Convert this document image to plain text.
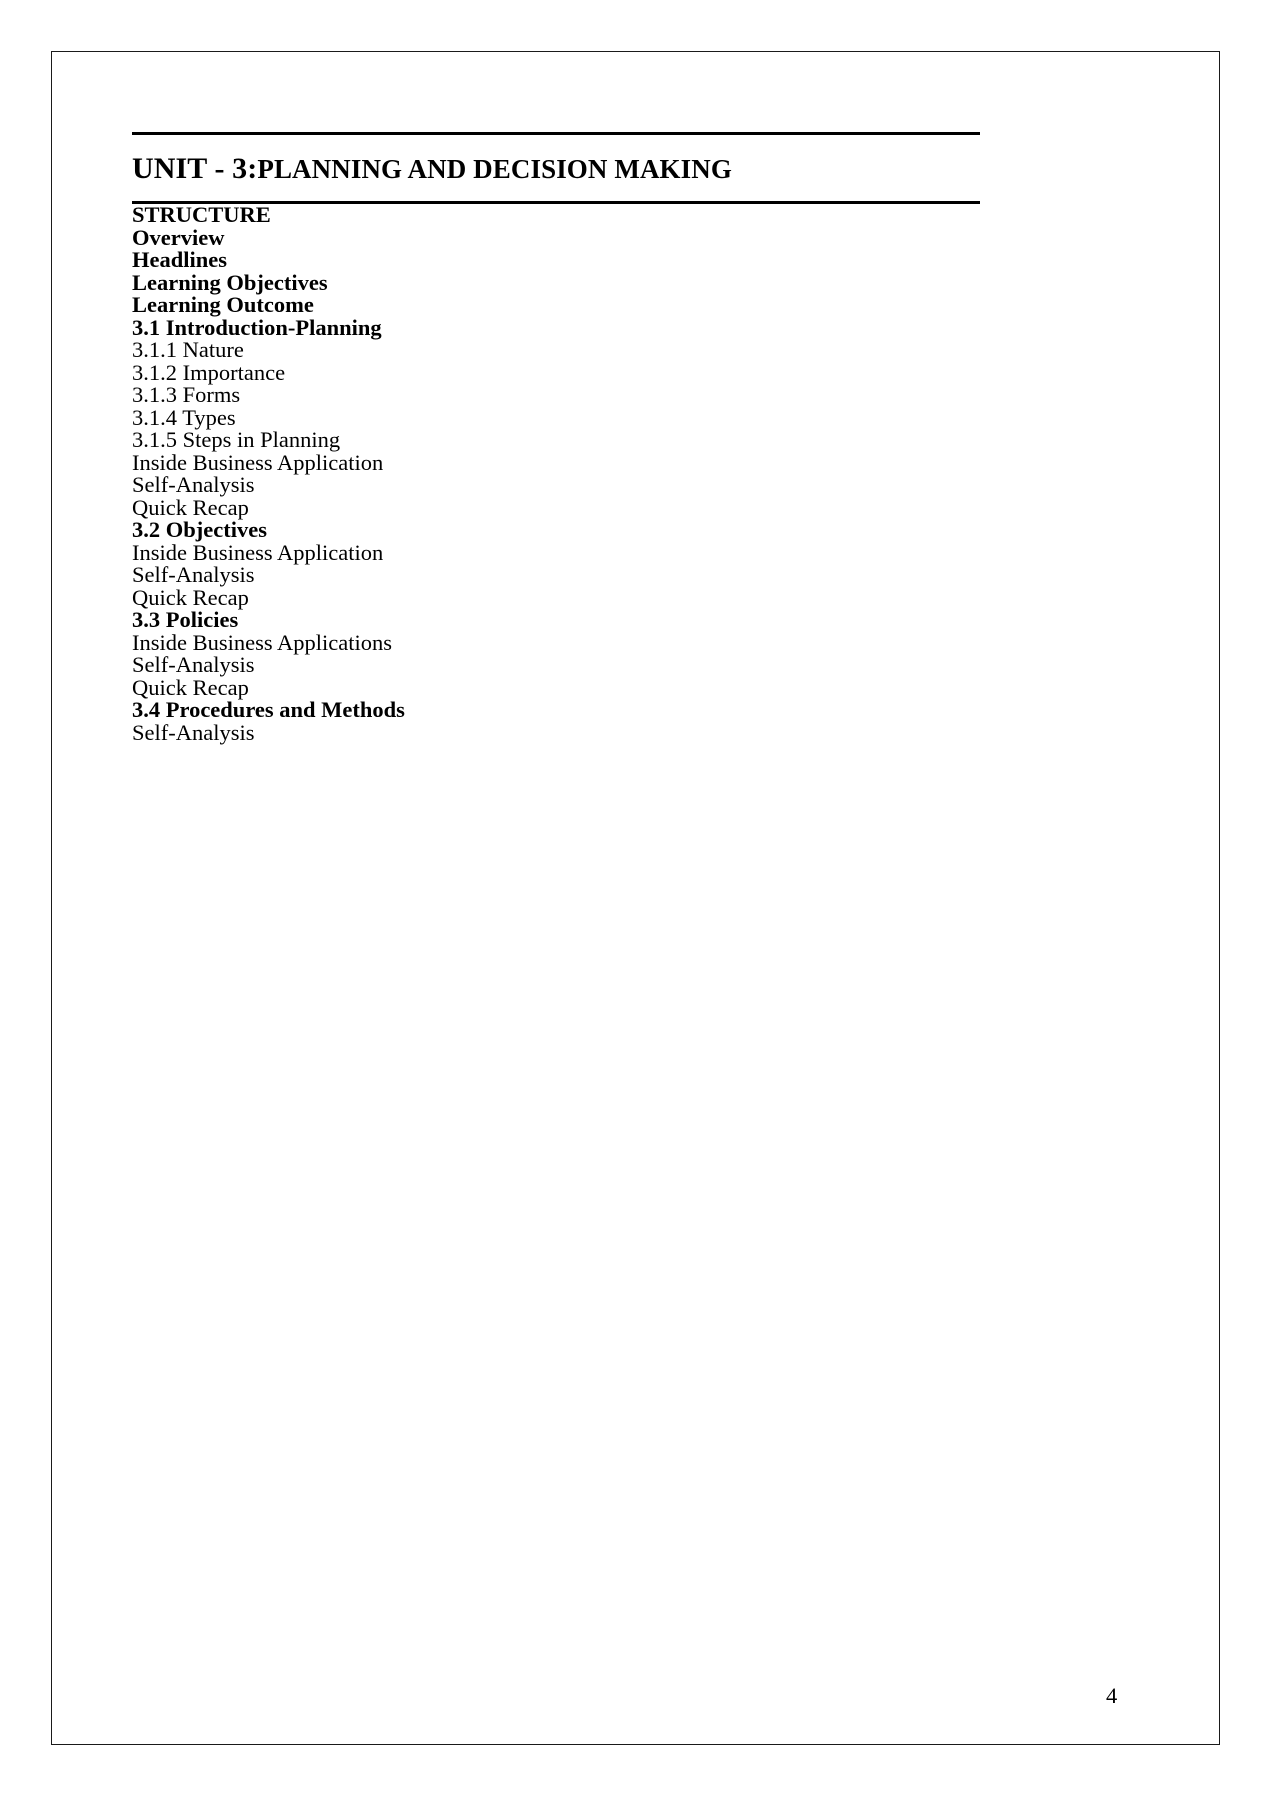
UNIT - 3:PLANNING AND DECISION MAKING
STRUCTURE
Overview
Headlines
Learning Objectives
Learning Outcome
3.1 Introduction-Planning
3.1.1 Nature
3.1.2 Importance
3.1.3 Forms
3.1.4 Types
3.1.5 Steps in Planning
Inside Business Application
Self-Analysis
Quick Recap
3.2 Objectives
Inside Business Application
Self-Analysis
Quick Recap
3.3 Policies
Inside Business Applications
Self-Analysis
Quick Recap
3.4 Procedures and Methods
Self-Analysis
4
